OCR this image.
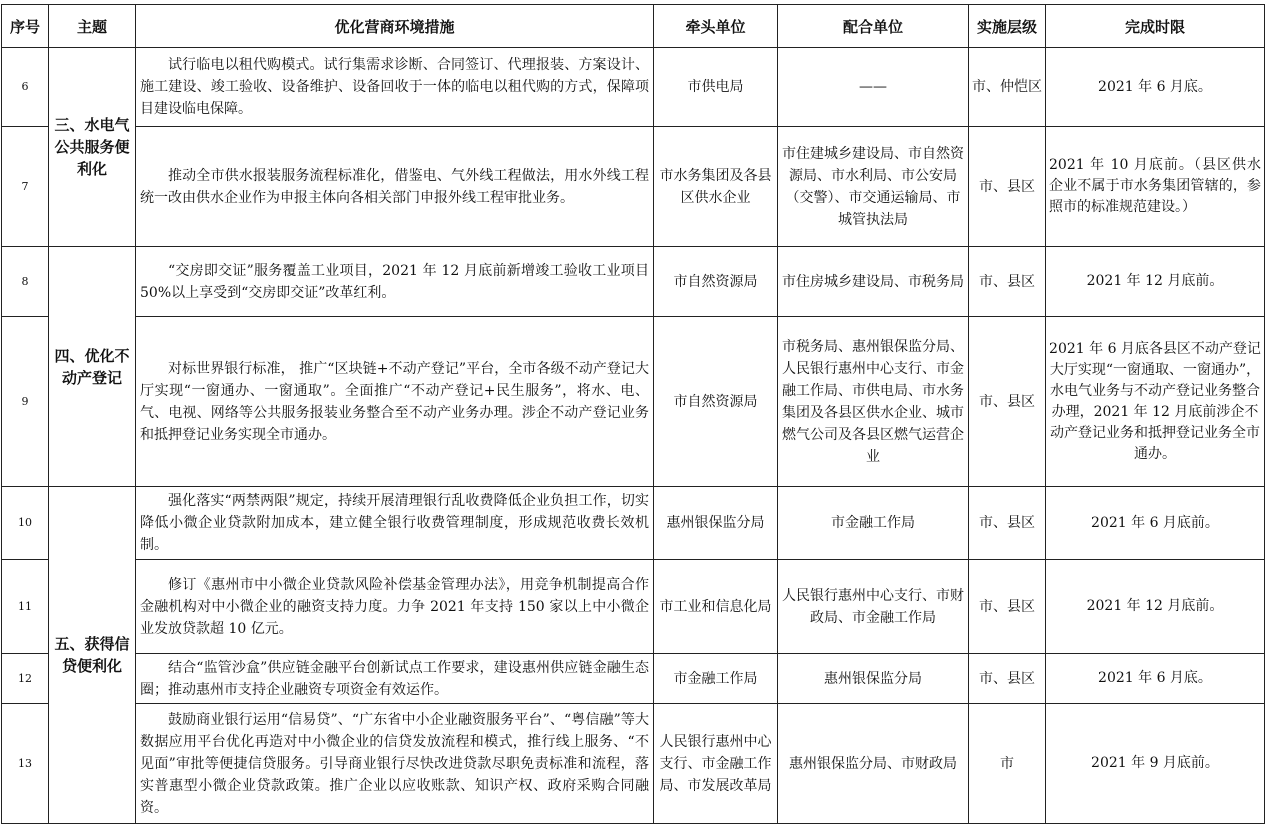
序号	主题	优化营商环境措施	牵头单位	配合单位	实施层级	完成时限
6	三、水电气公共服务便利化	试行临电以租代购模式。试行集需求诊断、合同签订、代理报装、方案设计、施工建设、竣工验收、设备维护、设备回收于一体的临电以租代购的方式，保障项目建设临电保障。	市供电局	——	市、仲恺区	2021 年 6 月底。
7		推动全市供水报装服务流程标准化，借鉴电、气外线工程做法，用水外线工程统一改由供水企业作为申报主体向各相关部门申报外线工程审批业务。	市水务集团及各县区供水企业	市住建城乡建设局、市自然资源局、市水利局、市公安局（交警）、市交通运输局、市城管执法局	市、县区	2021 年 10 月底前。（县区供水企业不属于市水务集团管辖的，参照市的标准规范建设。）
8	四、优化不动产登记	“交房即交证”服务覆盖工业项目，2021 年 12 月底前新增竣工验收工业项目 50%以上享受到“交房即交证”改革红利。	市自然资源局	市住房城乡建设局、市税务局	市、县区	2021 年 12 月底前。
9		对标世界银行标准， 推广“区块链+不动产登记”平台，全市各级不动产登记大厅实现“一窗通办、一窗通取”。全面推广“不动产登记+民生服务”，将水、电、气、电视、网络等公共服务报装业务整合至不动产业务办理。涉企不动产登记业务和抵押登记业务实现全市通办。	市自然资源局	市税务局、惠州银保监分局、人民银行惠州中心支行、市金融工作局、市供电局、市水务集团及各县区供水企业、城市燃气公司及各县区燃气运营企业	市、县区	2021 年 6 月底各县区不动产登记大厅实现“一窗通取、一窗通办”，水电气业务与不动产登记业务整合办理，2021 年 12 月底前涉企不动产登记业务和抵押登记业务全市通办。
10	五、获得信贷便利化	强化落实“两禁两限”规定，持续开展清理银行乱收费降低企业负担工作，切实降低小微企业贷款附加成本，建立健全银行收费管理制度，形成规范收费长效机制。	惠州银保监分局	市金融工作局	市、县区	2021 年 6 月底前。
11		修订《惠州市中小微企业贷款风险补偿基金管理办法》，用竞争机制提高合作金融机构对中小微企业的融资支持力度。力争 2021 年支持 150 家以上中小微企业发放贷款超 10 亿元。	市工业和信息化局	人民银行惠州中心支行、市财政局、市金融工作局	市、县区	2021 年 12 月底前。
12		结合“监管沙盒”供应链金融平台创新试点工作要求，建设惠州供应链金融生态圈；推动惠州市支持企业融资专项资金有效运作。	市金融工作局	惠州银保监分局	市、县区	2021 年 6 月底。
13		鼓励商业银行运用“信易贷”、“广东省中小企业融资服务平台”、“粤信融”等大数据应用平台优化再造对中小微企业的信贷发放流程和模式，推行线上服务、“不见面”审批等便捷信贷服务。引导商业银行尽快改进贷款尽职免责标准和流程，落实普惠型小微企业贷款政策。推广企业以应收账款、知识产权、政府采购合同融资。	人民银行惠州中心支行、市金融工作局、市发展改革局	惠州银保监分局、市财政局	市	2021 年 9 月底前。
